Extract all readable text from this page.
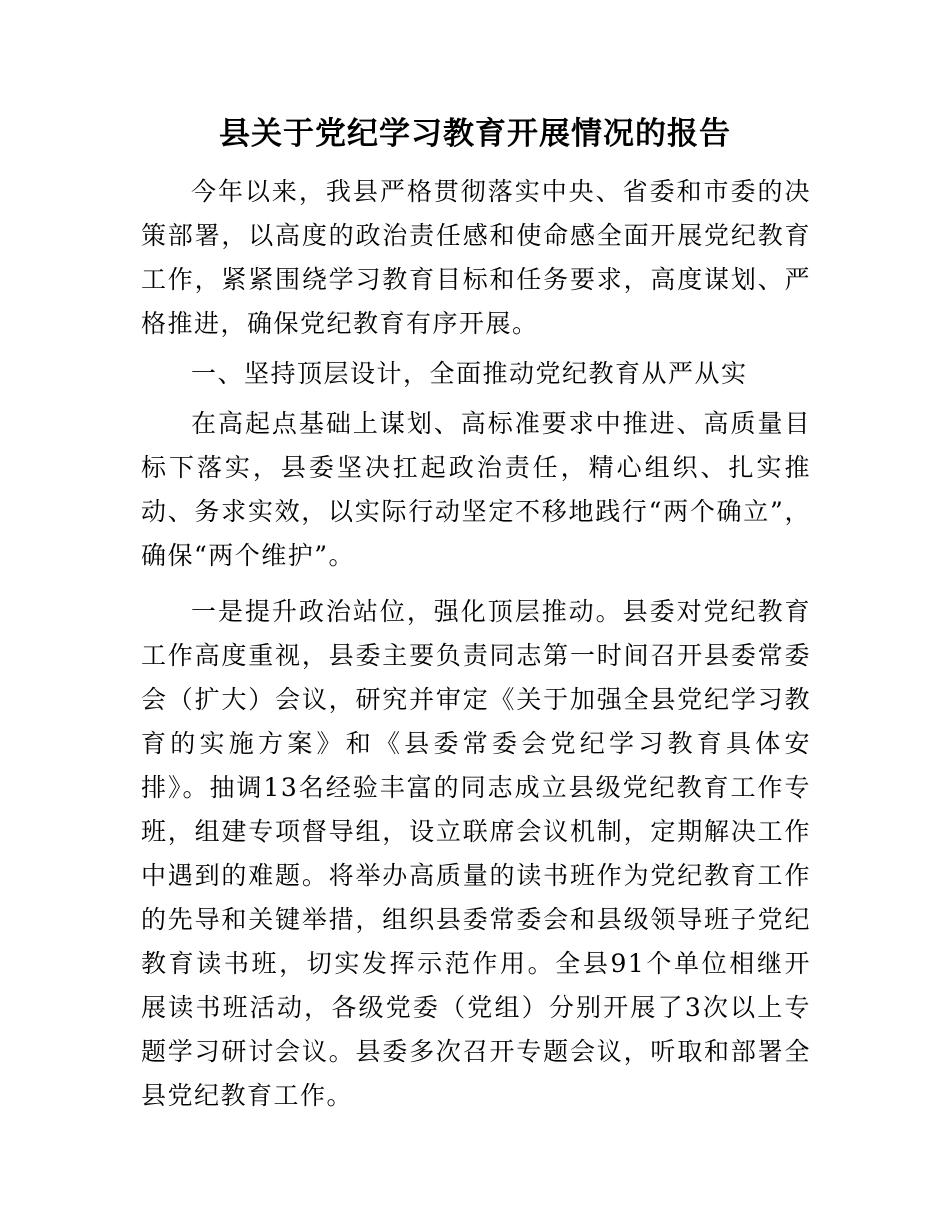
县关于党纪学习教育开展情况的报告

今年以来，我县严格贯彻落实中央、省委和市委的决策部署，以高度的政治责任感和使命感全面开展党纪教育工作，紧紧围绕学习教育目标和任务要求，高度谋划、严格推进，确保党纪教育有序开展。

一、坚持顶层设计，全面推动党纪教育从严从实

在高起点基础上谋划、高标准要求中推进、高质量目标下落实，县委坚决扛起政治责任，精心组织、扎实推动、务求实效，以实际行动坚定不移地践行“两个确立”，确保“两个维护”。

一是提升政治站位，强化顶层推动。县委对党纪教育工作高度重视，县委主要负责同志第一时间召开县委常委会（扩大）会议，研究并审定《关于加强全县党纪学习教育的实施方案》和《县委常委会党纪学习教育具体安排》。抽调13名经验丰富的同志成立县级党纪教育工作专班，组建专项督导组，设立联席会议机制，定期解决工作中遇到的难题。将举办高质量的读书班作为党纪教育工作的先导和关键举措，组织县委常委会和县级领导班子党纪教育读书班，切实发挥示范作用。全县91个单位相继开展读书班活动，各级党委（党组）分别开展了3次以上专题学习研讨会议。县委多次召开专题会议，听取和部署全县党纪教育工作。
